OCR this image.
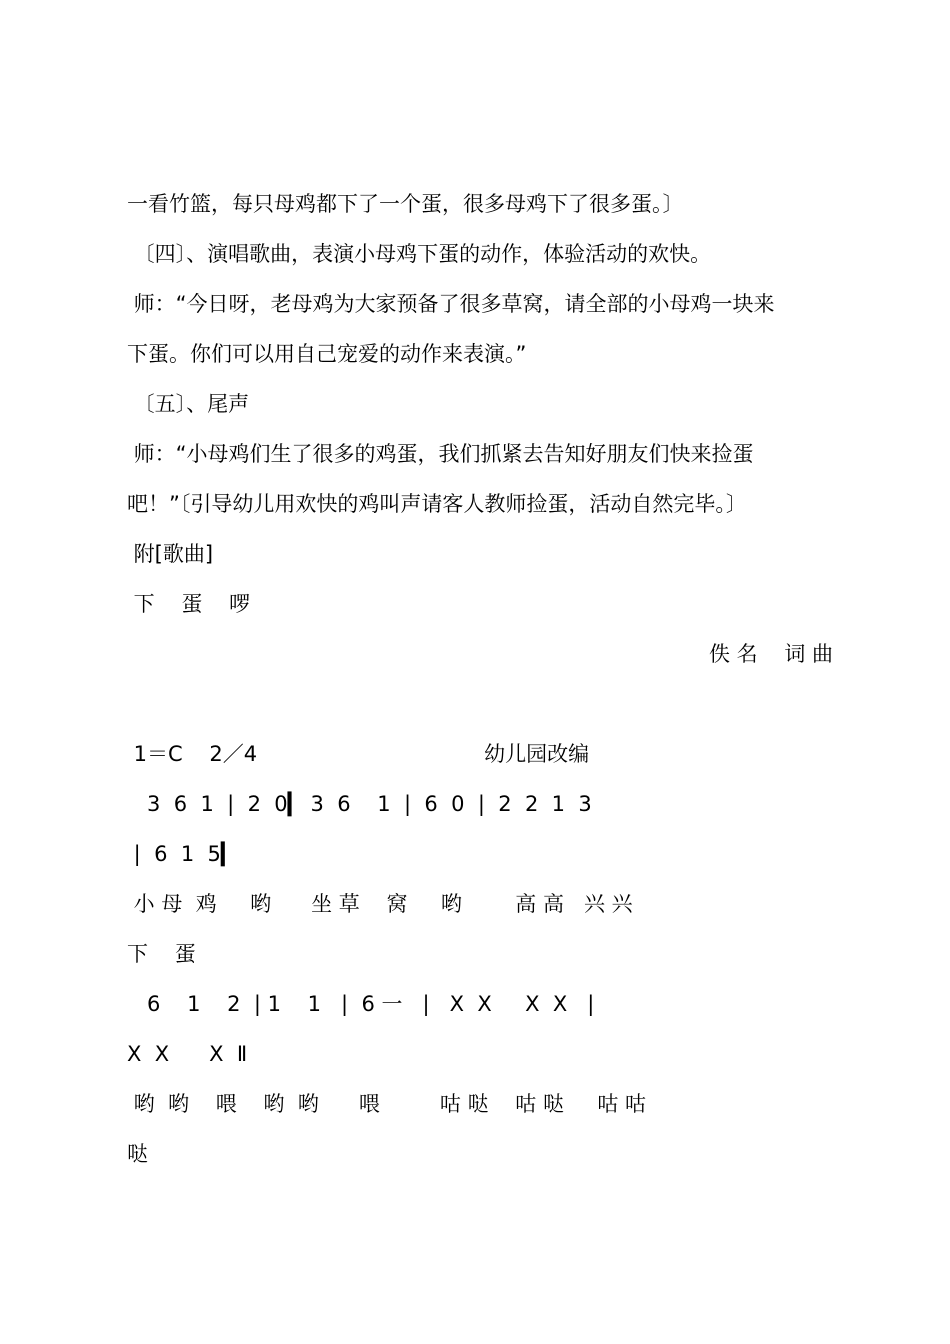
一看竹篮，每只母鸡都下了一个蛋，很多母鸡下了很多蛋。〕

〔四〕、演唱歌曲，表演小母鸡下蛋的动作，体验活动的欢快。

师：“今日呀，老母鸡为大家预备了很多草窝，请全部的小母鸡一块来

下蛋。你们可以用自己宠爱的动作来表演。”

〔五〕、尾声

师：“小母鸡们生了很多的鸡蛋，我们抓紧去告知好朋友们快来捡蛋

吧！”〔引导幼儿用欢快的鸡叫声请客人教师捡蛋，活动自然完毕。〕

附[歌曲]

下    蛋    啰

佚 名    词 曲

1＝C    2／4                                  幼儿园改编

3  6  1  |  2  0▎ 3  6    1  |  6  0  |  2  2  1  3

|  6  1  5▎

小 母  鸡     哟      坐 草    窝     哟        高 高   兴 兴

下    蛋

6    1    2  | 1    1   |  6 一   |   X  X     X  X   |

X  X      X  Ⅱ

哟  哟    喂    哟  哟      喂         咕 哒    咕 哒     咕 咕

哒
